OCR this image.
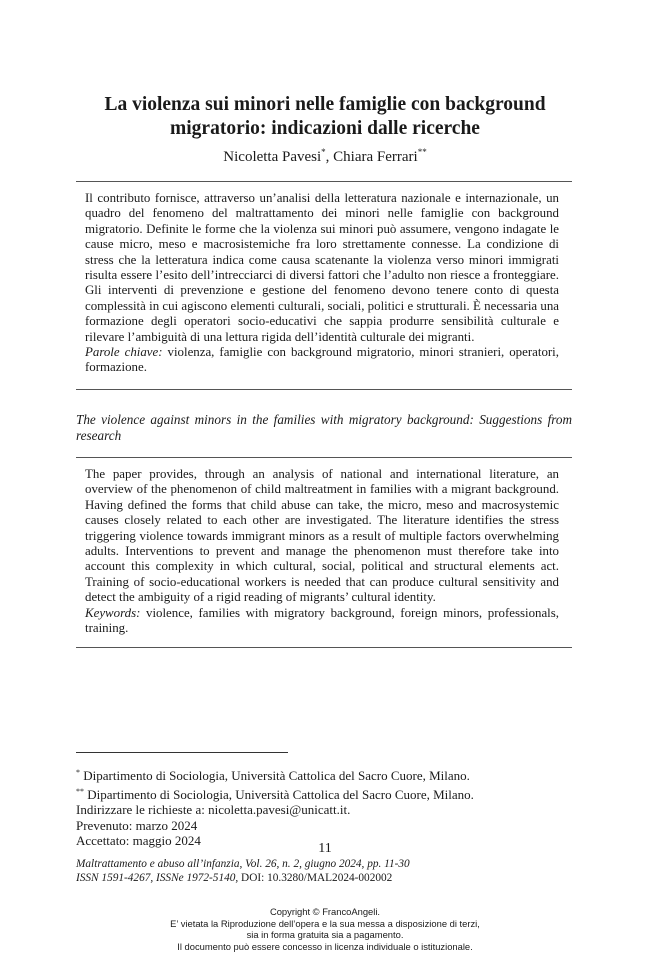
La violenza sui minori nelle famiglie con background migratorio: indicazioni dalle ricerche
Nicoletta Pavesi*, Chiara Ferrari**

Il contributo fornisce, attraverso un’analisi della letteratura nazionale e internazionale, un quadro del fenomeno del maltrattamento dei minori nelle famiglie con background migratorio. Definite le forme che la violenza sui minori può assumere, vengono indagate le cause micro, meso e macrosistemiche fra loro strettamente connesse. La condizione di stress che la letteratura indica come causa scatenante la violenza verso minori immigrati risulta essere l’esito dell’intrecciarci di diversi fattori che l’adulto non riesce a fronteggiare. Gli interventi di prevenzione e gestione del fenomeno devono tenere conto di questa complessità in cui agiscono elementi culturali, sociali, politici e strutturali. È necessaria una formazione degli operatori socio-educativi che sappia produrre sensibilità culturale e rilevare l’ambiguità di una lettura rigida dell’identità culturale dei migranti.

Parole chiave: violenza, famiglie con background migratorio, minori stranieri, operatori, formazione.

The violence against minors in the families with migratory background: Suggestions from research

The paper provides, through an analysis of national and international literature, an overview of the phenomenon of child maltreatment in families with a migrant background. Having defined the forms that child abuse can take, the micro, meso and macrosystemic causes closely related to each other are investigated. The literature identifies the stress triggering violence towards immigrant minors as a result of multiple factors overwhelming adults. Interventions to prevent and manage the phenomenon must therefore take into account this complexity in which cultural, social, political and structural elements act. Training of socio-educational workers is needed that can produce cultural sensitivity and detect the ambiguity of a rigid reading of migrants’ cultural identity.

Keywords: violence, families with migratory background, foreign minors, professionals, training.

* Dipartimento di Sociologia, Università Cattolica del Sacro Cuore, Milano.
** Dipartimento di Sociologia, Università Cattolica del Sacro Cuore, Milano.
Indirizzare le richieste a: nicoletta.pavesi@unicatt.it.
Prevenuto: marzo 2024
Accettato: maggio 2024
11
Maltrattamento e abuso all’infanzia, Vol. 26, n. 2, giugno 2024, pp. 11-30
ISSN 1591-4267, ISSNe 1972-5140, DOI: 10.3280/MAL2024-002002
Copyright © FrancoAngeli.
E’ vietata la Riproduzione dell’opera e la sua messa a disposizione di terzi,
sia in forma gratuita sia a pagamento.
Il documento può essere concesso in licenza individuale o istituzionale.
